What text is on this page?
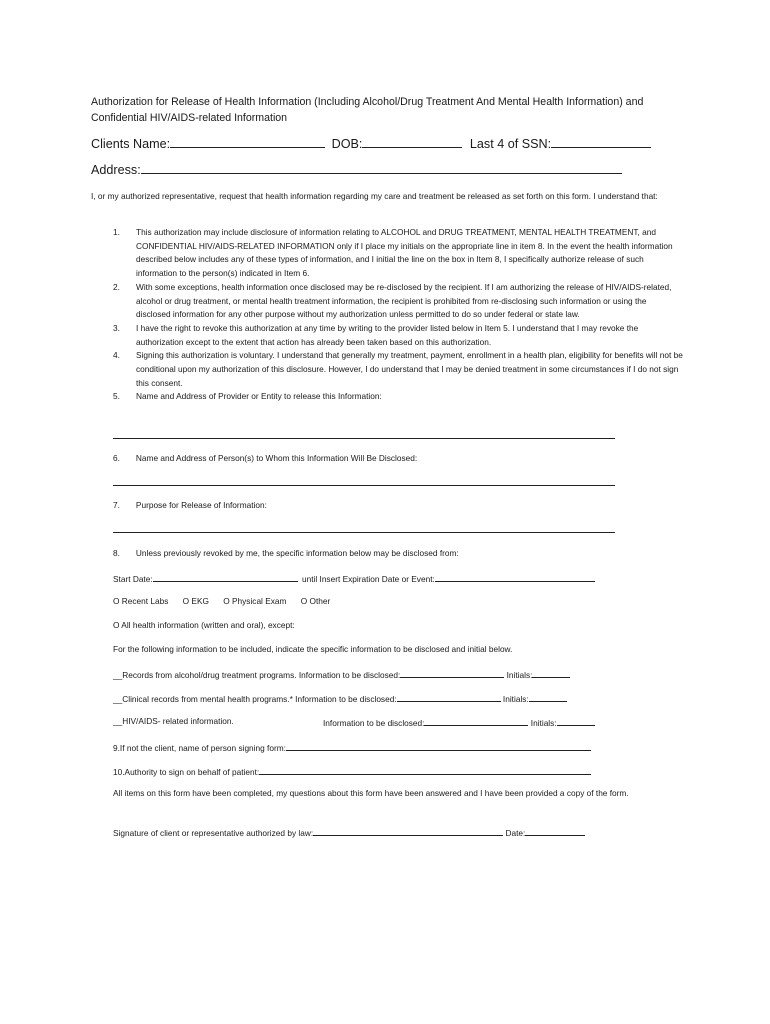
Authorization for Release of Health Information (Including Alcohol/Drug Treatment And Mental Health Information) and
Confidential HIV/AIDS-related Information
Clients Name:	DOB:	Last 4 of SSN:
Address:
I, or my authorized representative, request that health information regarding my care and treatment be released as set forth on this form. I understand that:
1. This authorization may include disclosure of information relating to ALCOHOL and DRUG TREATMENT, MENTAL HEALTH TREATMENT, and CONFIDENTIAL HIV/AIDS-RELATED INFORMATION only if I place my initials on the appropriate line in item 8. In the event the health information described below includes any of these types of information, and I initial the line on the box in Item 8, I specifically authorize release of such information to the person(s) indicated in Item 6.
2. With some exceptions, health information once disclosed may be re-disclosed by the recipient. If I am authorizing the release of HIV/AIDS-related, alcohol or drug treatment, or mental health treatment information, the recipient is prohibited from re-disclosing such information or using the disclosed information for any other purpose without my authorization unless permitted to do so under federal or state law.
3. I have the right to revoke this authorization at any time by writing to the provider listed below in Item 5. I understand that I may revoke the authorization except to the extent that action has already been taken based on this authorization.
4. Signing this authorization is voluntary. I understand that generally my treatment, payment, enrollment in a health plan, eligibility for benefits will not be conditional upon my authorization of this disclosure. However, I do understand that I may be denied treatment in some circumstances if I do not sign this consent.
5. Name and Address of Provider or Entity to release this Information:
6. Name and Address of Person(s) to Whom this Information Will Be Disclosed:
7. Purpose for Release of Information:
8. Unless previously revoked by me, the specific information below may be disclosed from:
Start Date:	until Insert Expiration Date or Event:
O Recent Labs O EKG O Physical Exam O Other
O All health information (written and oral), except:
For the following information to be included, indicate the specific information to be disclosed and initial below.
__Records from alcohol/drug treatment programs. Information to be disclosed:	Initials:
__Clinical records from mental health programs.* Information to be disclosed:	Initials:
__HIV/AIDS- related information.	Information to be disclosed:	Initials:
9.If not the client, name of person signing form:
10.Authority to sign on behalf of patient:
All items on this form have been completed, my questions about this form have been answered and I have been provided a copy of the form.
Signature of client or representative authorized by law:	Date:
